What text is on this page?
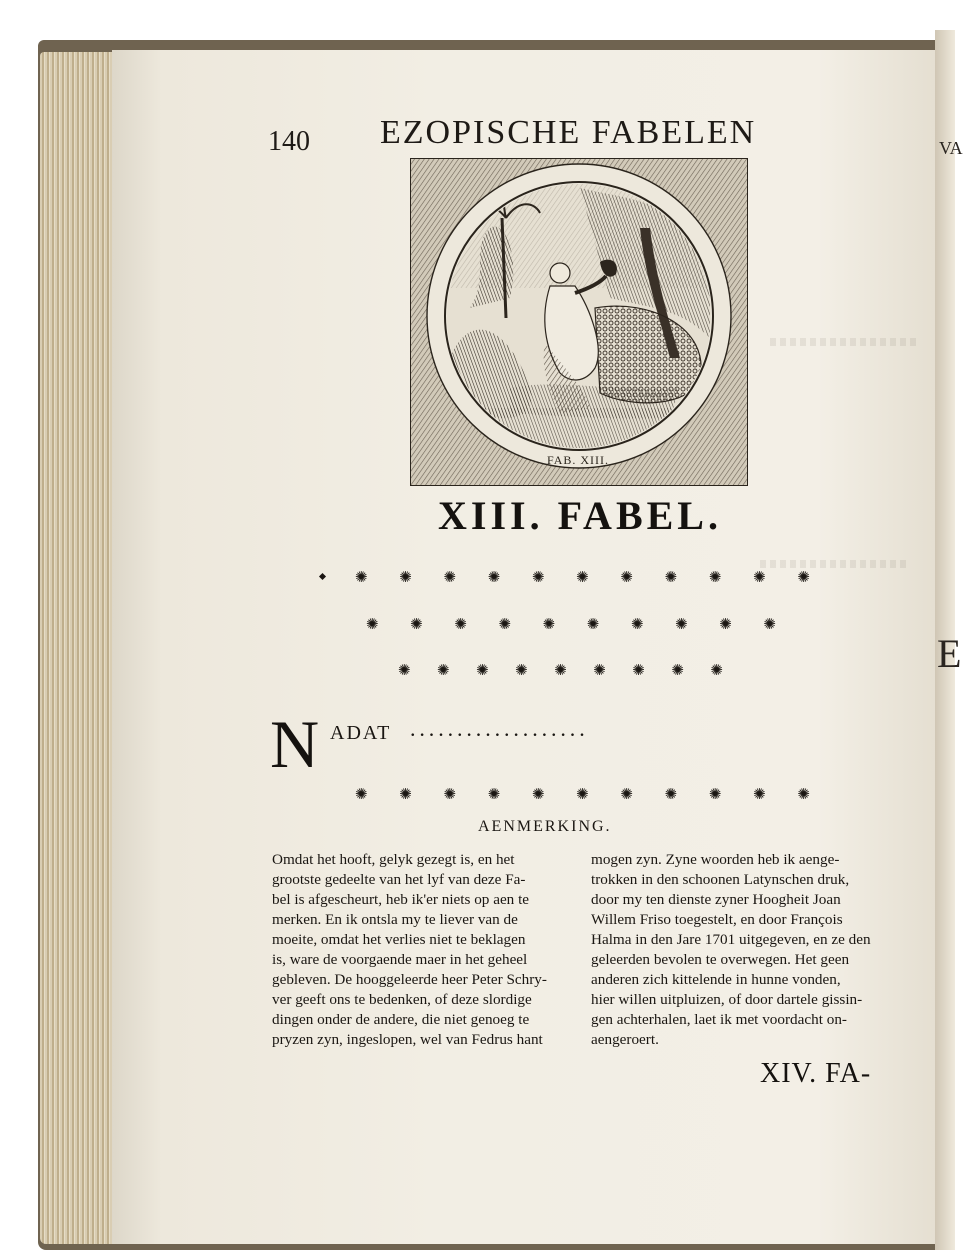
VA
E
140 EZOPISCHE FABELEN
FAB. XIII.
XIII. FABEL.
✺ ✺ ✺ ✺ ✺ ✺ ✺ ✺ ✺ ✺ ✺
✺ ✺ ✺ ✺ ✺ ✺ ✺ ✺ ✺ ✺
✺ ✺ ✺ ✺ ✺ ✺ ✺ ✺ ✺
N ADAT ...................
✺ ✺ ✺ ✺ ✺ ✺ ✺ ✺ ✺ ✺ ✺
AENMERKING.
Omdat het hooft, gelyk gezegt is, en het
grootste gedeelte van het lyf van deze Fa-
bel is afgescheurt, heb ik'er niets op aen te
merken. En ik ontsla my te liever van de
moeite, omdat het verlies niet te beklagen
is, ware de voorgaende maer in het geheel
gebleven. De hooggeleerde heer Peter Schry-
ver geeft ons te bedenken, of deze slordige
dingen onder de andere, die niet genoeg te
pryzen zyn, ingeslopen, wel van Fedrus hant
mogen zyn. Zyne woorden heb ik aenge-
trokken in den schoonen Latynschen druk,
door my ten dienste zyner Hoogheit Joan
Willem Friso toegestelt, en door François
Halma in den Jare 1701 uitgegeven, en ze den
geleerden bevolen te overwegen. Het geen
anderen zich kittelende in hunne vonden,
hier willen uitpluizen, of door dartele gissin-
gen achterhalen, laet ik met voordacht on-
aengeroert.
XIV. FA-
